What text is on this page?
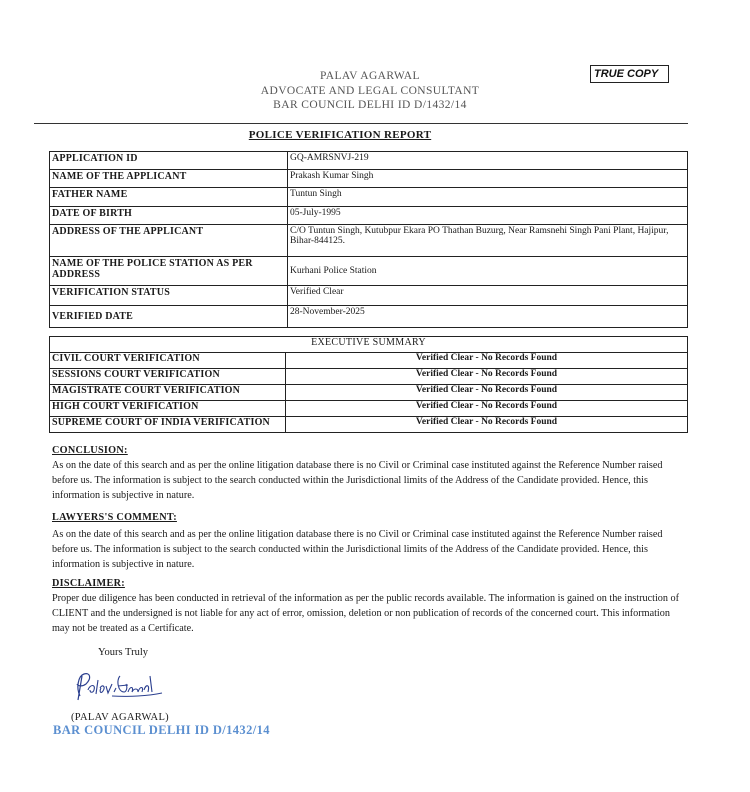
PALAV AGARWAL
ADVOCATE AND LEGAL CONSULTANT
BAR COUNCIL DELHI ID D/1432/14
TRUE COPY
POLICE VERIFICATION REPORT
APPLICATION ID	GQ-AMRSNVJ-219
NAME OF THE APPLICANT	Prakash Kumar Singh
FATHER NAME	Tuntun Singh
DATE OF BIRTH	05-July-1995
ADDRESS OF THE APPLICANT	C/O Tuntun Singh, Kutubpur Ekara PO Thathan Buzurg, Near Ramsnehi Singh Pani Plant, Hajipur, Bihar-844125.
NAME OF THE POLICE STATION AS PER ADDRESS	Kurhani Police Station
VERIFICATION STATUS	Verified Clear
VERIFIED DATE	28-November-2025
EXECUTIVE SUMMARY	
CIVIL COURT VERIFICATION	Verified Clear - No Records Found
SESSIONS COURT VERIFICATION	Verified Clear - No Records Found
MAGISTRATE COURT VERIFICATION	Verified Clear - No Records Found
HIGH COURT VERIFICATION	Verified Clear - No Records Found
SUPREME COURT OF INDIA VERIFICATION	Verified Clear - No Records Found
CONCLUSION:

As on the date of this search and as per the online litigation database there is no Civil or Criminal case instituted against the Reference Number raised before us. The information is subject to the search conducted within the Jurisdictional limits of the Address of the Candidate provided. Hence, this information is subjective in nature.

LAWYERS'S COMMENT:

As on the date of this search and as per the online litigation database there is no Civil or Criminal case instituted against the Reference Number raised before us. The information is subject to the search conducted within the Jurisdictional limits of the Address of the Candidate provided. Hence, this information is subjective in nature.

DISCLAIMER:

Proper due diligence has been conducted in retrieval of the information as per the public records available. The information is gained on the instruction of CLIENT and the undersigned is not liable for any act of error, omission, deletion or non publication of records of the concerned court. This information may not be treated as a Certificate.

Yours Truly
(PALAV AGARWAL)
BAR COUNCIL DELHI ID D/1432/14
